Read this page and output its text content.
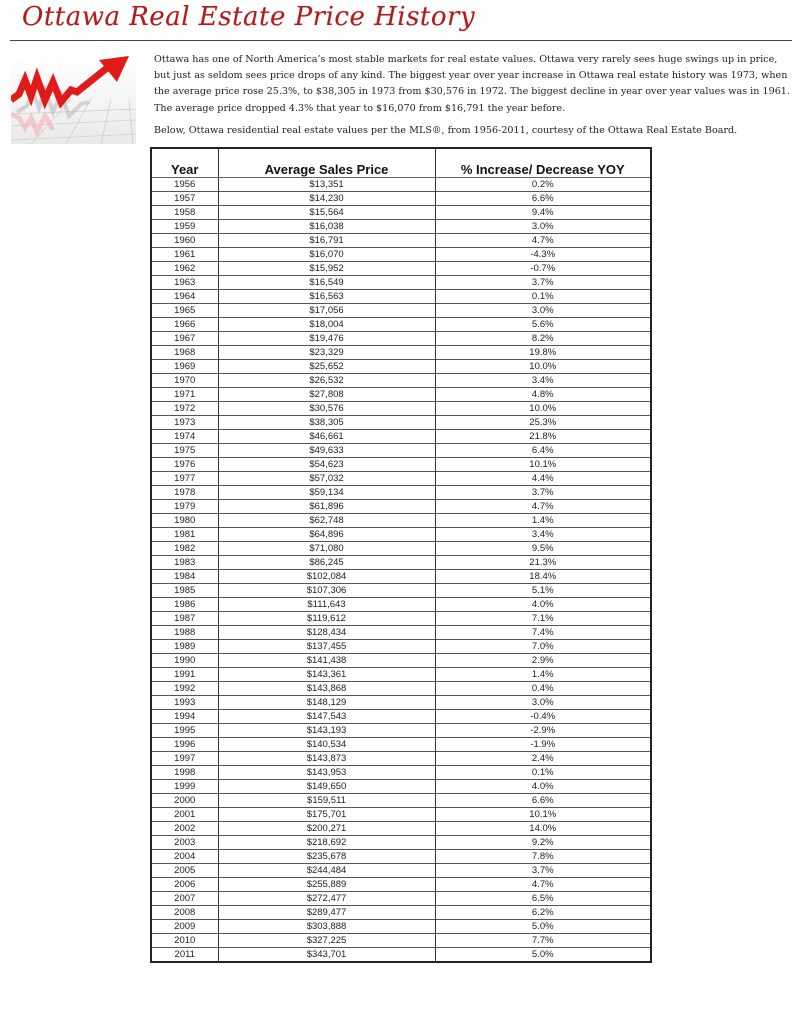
Ottawa Real Estate Price History

Ottawa has one of North America’s most stable markets for real estate values. Ottawa very rarely sees huge swings up in price, but just as seldom sees price drops of any kind. The biggest year over year increase in Ottawa real estate history was 1973, when the average price rose 25.3%, to $38,305 in 1973 from $30,576 in 1972. The biggest decline in year over year values was in 1961. The average price dropped 4.3% that year to $16,070 from $16,791 the year before.

Below, Ottawa residential real estate values per the MLS®, from 1956-2011, courtesy of the Ottawa Real Estate Board.

Year	Average Sales Price	% Increase/ Decrease YOY
1956	$13,351	0.2%
1957	$14,230	6.6%
1958	$15,564	9.4%
1959	$16,038	3.0%
1960	$16,791	4.7%
1961	$16,070	-4.3%
1962	$15,952	-0.7%
1963	$16,549	3.7%
1964	$16,563	0.1%
1965	$17,056	3.0%
1966	$18,004	5.6%
1967	$19,476	8.2%
1968	$23,329	19.8%
1969	$25,652	10.0%
1970	$26,532	3.4%
1971	$27,808	4.8%
1972	$30,576	10.0%
1973	$38,305	25.3%
1974	$46,661	21.8%
1975	$49,633	6.4%
1976	$54,623	10.1%
1977	$57,032	4.4%
1978	$59,134	3.7%
1979	$61,896	4.7%
1980	$62,748	1.4%
1981	$64,896	3.4%
1982	$71,080	9.5%
1983	$86,245	21.3%
1984	$102,084	18.4%
1985	$107,306	5.1%
1986	$111,643	4.0%
1987	$119,612	7.1%
1988	$128,434	7.4%
1989	$137,455	7.0%
1990	$141,438	2.9%
1991	$143,361	1.4%
1992	$143,868	0.4%
1993	$148,129	3.0%
1994	$147,543	-0.4%
1995	$143,193	-2.9%
1996	$140,534	-1.9%
1997	$143,873	2.4%
1998	$143,953	0.1%
1999	$149,650	4.0%
2000	$159,511	6.6%
2001	$175,701	10.1%
2002	$200,271	14.0%
2003	$218,692	9.2%
2004	$235,678	7.8%
2005	$244,484	3.7%
2006	$255,889	4.7%
2007	$272,477	6.5%
2008	$289,477	6.2%
2009	$303,888	5.0%
2010	$327,225	7.7%
2011	$343,701	5.0%
